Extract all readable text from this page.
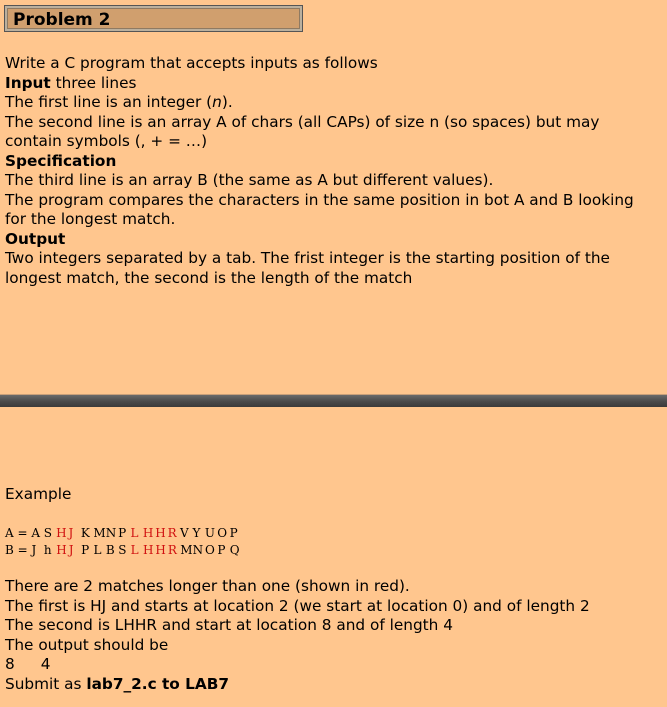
Problem 2
Write a C program that accepts inputs as follows
Input three lines
The first line is an integer (n).
The second line is an array A of chars (all CAPs) of size n (so spaces) but may
contain symbols (, + = …)
Specification
The third line is an array B (the same as A but different values).
The program compares the characters in the same position in bot A and B looking
for the longest match.
Output
Two integers separated by a tab. The frist integer is the starting position of the
longest match, the second is the length of the match
Example
A = A S H J K MN P L H H R V Y U O P
B = J h H J P L B S L H H R MN O P Q
There are 2 matches longer than one (shown in red).
The first is HJ and starts at location 2 (we start at location 0) and of length 2
The second is LHHR and start at location 8 and of length 4
The output should be
8 4
Submit as lab7_2.c to LAB7
